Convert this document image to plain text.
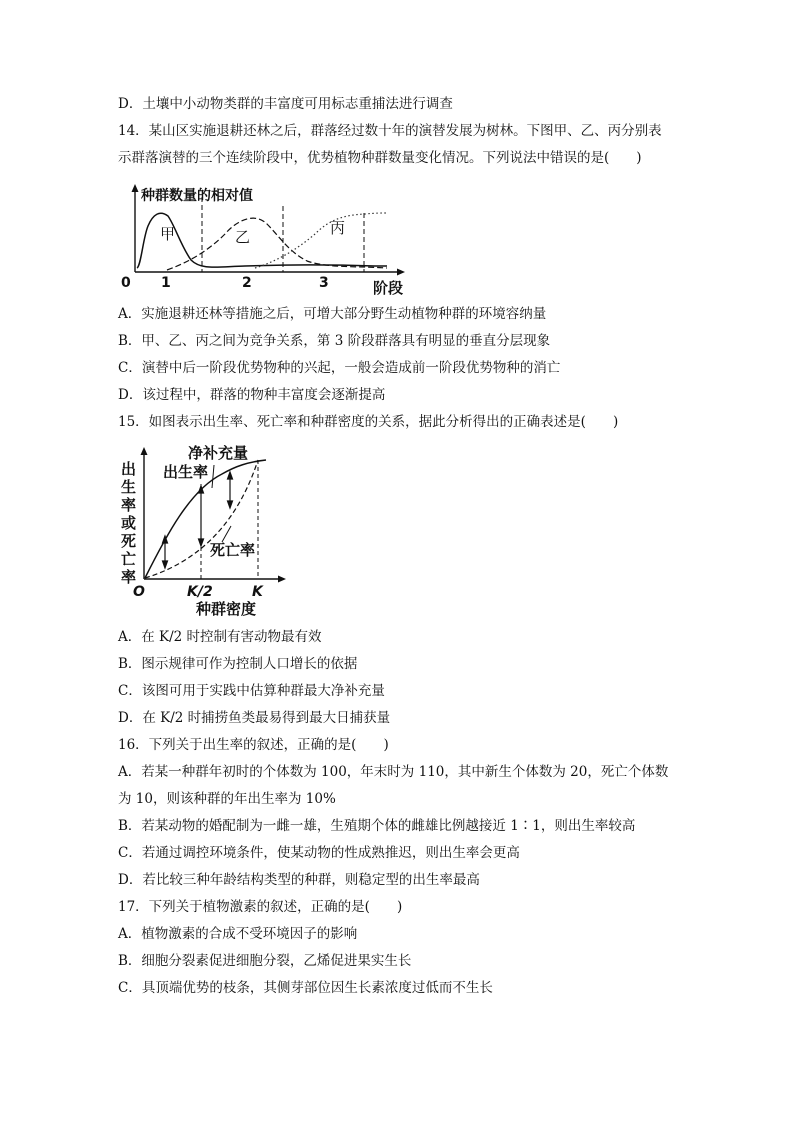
D．土壤中小动物类群的丰富度可用标志重捕法进行调查
14．某山区实施退耕还林之后，群落经过数十年的演替发展为树林。下图甲、乙、丙分别表
示群落演替的三个连续阶段中，优势植物种群数量变化情况。下列说法中错误的是(　　)
种群数量的相对值
甲	乙	丙
0 1	2	3	阶段
A．实施退耕还林等措施之后，可增大部分野生动植物种群的环境容纳量
B．甲、乙、丙之间为竞争关系，第 3 阶段群落具有明显的垂直分层现象
C．演替中后一阶段优势物种的兴起，一般会造成前一阶段优势物种的消亡
D．该过程中，群落的物种丰富度会逐渐提高
15．如图表示出生率、死亡率和种群密度的关系，据此分析得出的正确表述是(　　)
出
生
率
或
死
亡
率
净补充量
出生率
死亡率
O	K/2	K
种群密度
A．在 K/2 时控制有害动物最有效
B．图示规律可作为控制人口增长的依据
C．该图可用于实践中估算种群最大净补充量
D．在 K/2 时捕捞鱼类最易得到最大日捕获量
16．下列关于出生率的叙述，正确的是(　　)
A．若某一种群年初时的个体数为 100，年末时为 110，其中新生个体数为 20，死亡个体数
为 10，则该种群的年出生率为 10%
B．若某动物的婚配制为一雌一雄，生殖期个体的雌雄比例越接近 1∶1，则出生率较高
C．若通过调控环境条件，使某动物的性成熟推迟，则出生率会更高
D．若比较三种年龄结构类型的种群，则稳定型的出生率最高
17．下列关于植物激素的叙述，正确的是(　　)
A．植物激素的合成不受环境因子的影响
B．细胞分裂素促进细胞分裂，乙烯促进果实生长
C．具顶端优势的枝条，其侧芽部位因生长素浓度过低而不生长
